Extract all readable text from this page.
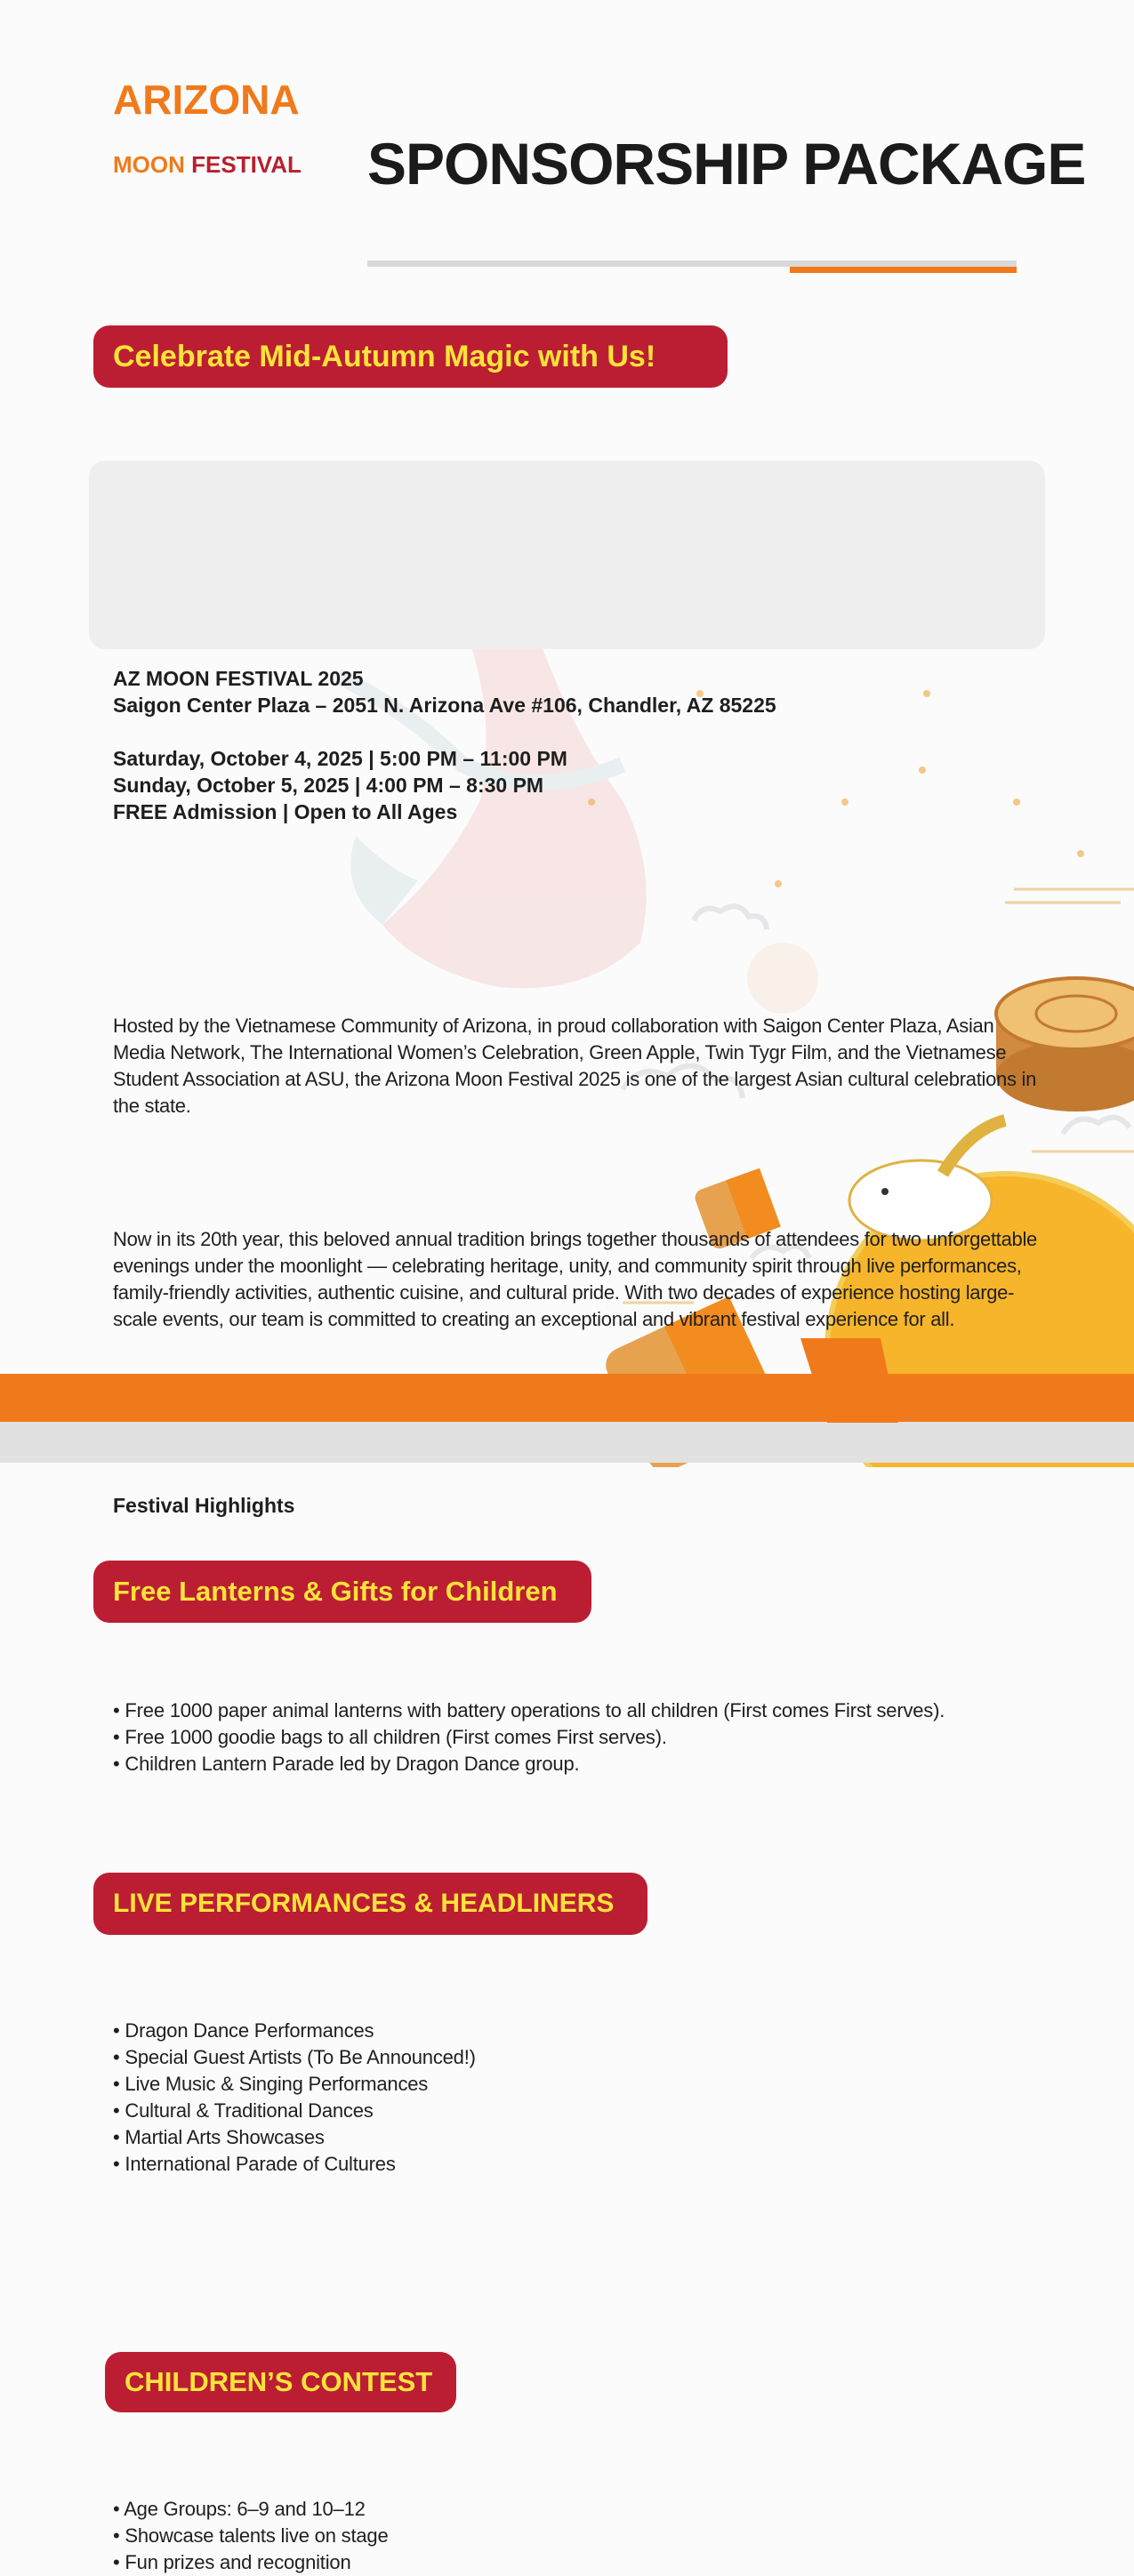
ARIZONA
MOON FESTIVAL	SPONSORSHIP PACKAGE
Celebrate Mid-Autumn Magic with Us!
AZ MOON FESTIVAL 2025
Saigon Center Plaza – 2051 N. Arizona Ave #106, Chandler, AZ 85225
Saturday, October 4, 2025 | 5:00 PM – 11:00 PM
Sunday, October 5, 2025 | 4:00 PM – 8:30 PM
FREE Admission | Open to All Ages
Hosted by the Vietnamese Community of Arizona, in proud collaboration with Saigon Center Plaza, Asian Media Network, The International Women’s Celebration, Green Apple, Twin Tygr Film, and the Vietnamese Student Association at ASU, the Arizona Moon Festival 2025 is one of the largest Asian cultural celebrations in the state.
Now in its 20th year, this beloved annual tradition brings together thousands of attendees for two unforgettable evenings under the moonlight — celebrating heritage, unity, and community spirit through live performances, family-friendly activities, authentic cuisine, and cultural pride. With two decades of experience hosting large-scale events, our team is committed to creating an exceptional and vibrant festival experience for all.
Festival Highlights
Free Lanterns & Gifts for Children
• Free 1000 paper animal lanterns with battery operations to all children (First comes First serves).
• Free 1000 goodie bags to all children (First comes First serves).
• Children Lantern Parade led by Dragon Dance group.
LIVE PERFORMANCES & HEADLINERS
• Dragon Dance Performances
• Special Guest Artists (To Be Announced!)
• Live Music & Singing Performances
• Cultural & Traditional Dances
• Martial Arts Showcases
• International Parade of Cultures
CHILDREN’S CONTEST
• Age Groups: 6–9 and 10–12
• Showcase talents live on stage
• Fun prizes and recognition
